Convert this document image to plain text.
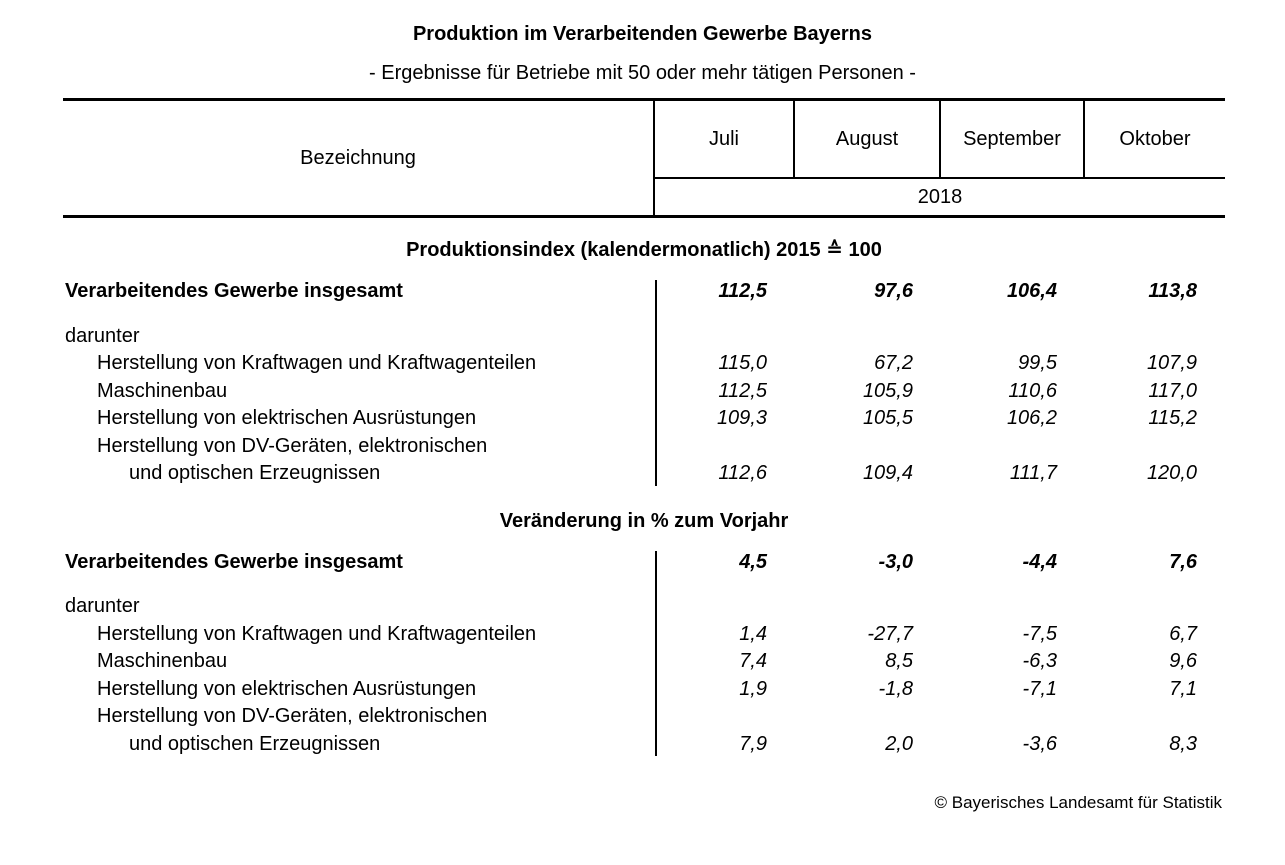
Produktion im Verarbeitenden Gewerbe Bayerns
- Ergebnisse für Betriebe mit 50 oder mehr tätigen Personen -
Bezeichnung
Juli	August	September	Oktober
2018
Produktionsindex (kalendermonatlich) 2015 ≙ 100
Verarbeitendes Gewerbe insgesamt	112,5	97,6	106,4	113,8
darunter
Herstellung von Kraftwagen und Kraftwagenteilen	115,0	67,2	99,5	107,9
Maschinenbau	112,5	105,9	110,6	117,0
Herstellung von elektrischen Ausrüstungen	109,3	105,5	106,2	115,2
Herstellung von DV-Geräten, elektronischen
und optischen Erzeugnissen	112,6	109,4	111,7	120,0
Veränderung in % zum Vorjahr
Verarbeitendes Gewerbe insgesamt	4,5	-3,0	-4,4	7,6
darunter
Herstellung von Kraftwagen und Kraftwagenteilen	1,4	-27,7	-7,5	6,7
Maschinenbau	7,4	8,5	-6,3	9,6
Herstellung von elektrischen Ausrüstungen	1,9	-1,8	-7,1	7,1
Herstellung von DV-Geräten, elektronischen
und optischen Erzeugnissen	7,9	2,0	-3,6	8,3
© Bayerisches Landesamt für Statistik
